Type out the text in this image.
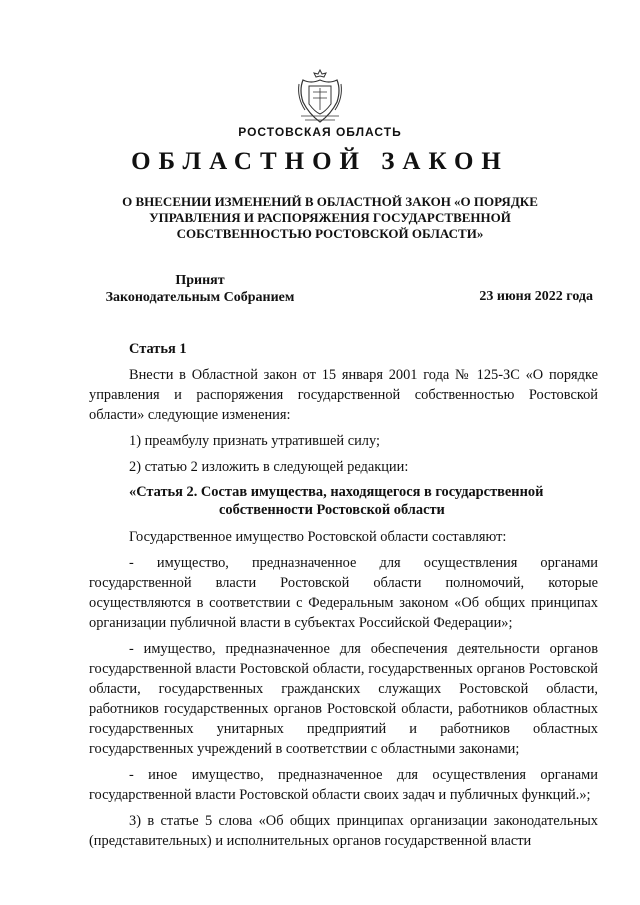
РОСТОВСКАЯ ОБЛАСТЬ
ОБЛАСТНОЙ ЗАКОН
О ВНЕСЕНИИ ИЗМЕНЕНИЙ В ОБЛАСТНОЙ ЗАКОН «О ПОРЯДКЕ УПРАВЛЕНИЯ И РАСПОРЯЖЕНИЯ ГОСУДАРСТВЕННОЙ СОБСТВЕННОСТЬЮ РОСТОВСКОЙ ОБЛАСТИ»
Принят
Законодательным Собранием	23 июня 2022 года
Статья 1
Внести в Областной закон от 15 января 2001 года № 125-ЗС «О порядке управления и распоряжения государственной собственностью Ростовской области» следующие изменения:
1) преамбулу признать утратившей силу;
2) статью 2 изложить в следующей редакции:
«Статья 2. Состав имущества, находящегося в государственной
собственности Ростовской области
Государственное имущество Ростовской области составляют:
- имущество, предназначенное для осуществления органами государственной власти Ростовской области полномочий, которые осуществляются в соответствии с Федеральным законом «Об общих принципах организации публичной власти в субъектах Российской Федерации»;
- имущество, предназначенное для обеспечения деятельности органов государственной власти Ростовской области, государственных органов Ростовской области, государственных гражданских служащих Ростовской области, работников государственных органов Ростовской области, работников областных государственных унитарных предприятий и работников областных государственных учреждений в соответствии с областными законами;
- иное имущество, предназначенное для осуществления органами государственной власти Ростовской области своих задач и публичных функций.»;
3) в статье 5 слова «Об общих принципах организации законодательных (представительных) и исполнительных органов государственной власти
